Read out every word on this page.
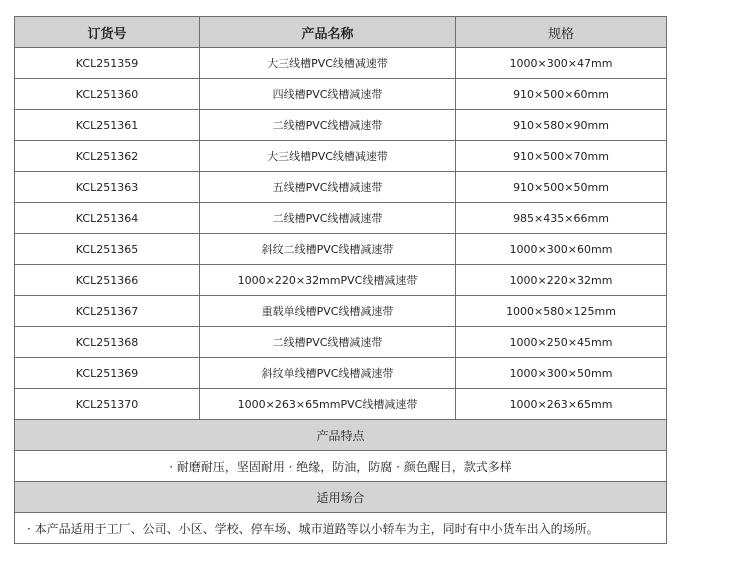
订货号	产品名称	规格
KCL251359	大三线槽PVC线槽减速带	1000×300×47mm
KCL251360	四线槽PVC线槽减速带	910×500×60mm
KCL251361	二线槽PVC线槽减速带	910×580×90mm
KCL251362	大三线槽PVC线槽减速带	910×500×70mm
KCL251363	五线槽PVC线槽减速带	910×500×50mm
KCL251364	二线槽PVC线槽减速带	985×435×66mm
KCL251365	斜纹二线槽PVC线槽减速带	1000×300×60mm
KCL251366	1000×220×32mmPVC线槽减速带	1000×220×32mm
KCL251367	重载单线槽PVC线槽减速带	1000×580×125mm
KCL251368	二线槽PVC线槽减速带	1000×250×45mm
KCL251369	斜纹单线槽PVC线槽减速带	1000×300×50mm
KCL251370	1000×263×65mmPVC线槽减速带	1000×263×65mm
产品特点		
· 耐磨耐压，坚固耐用 · 绝缘，防油，防腐 · 颜色醒目，款式多样		
适用场合		
· 本产品适用于工厂、公司、小区、学校、停车场、城市道路等以小轿车为主，同时有中小货车出入的场所。		
